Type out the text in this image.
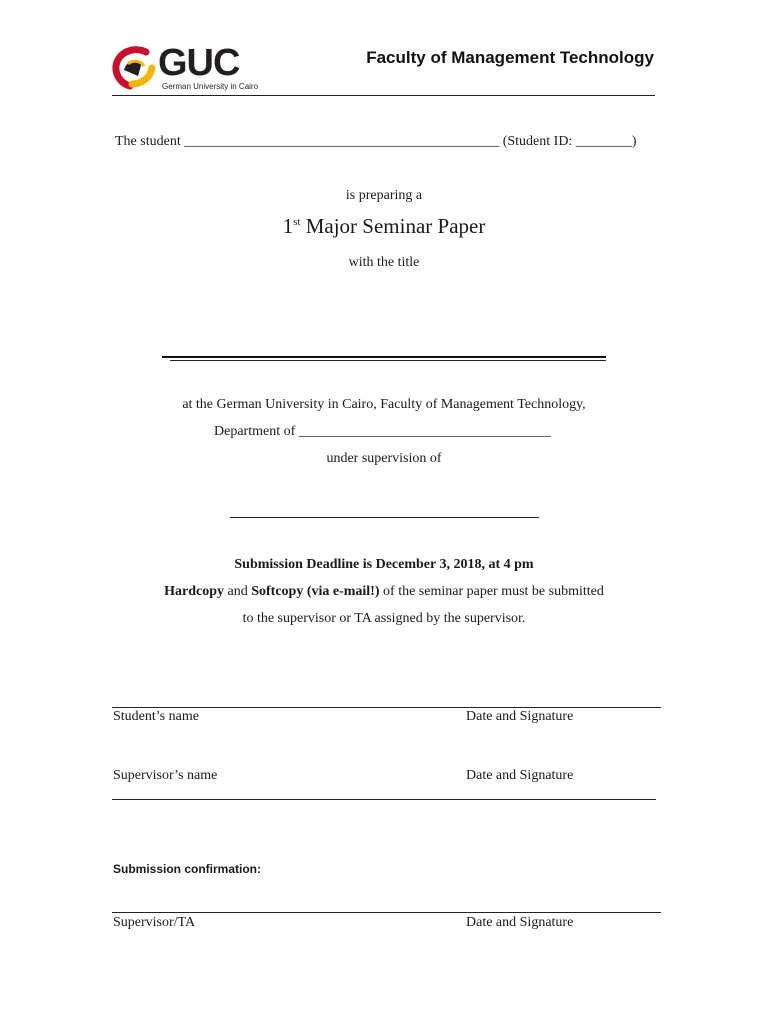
GUC
German University in Cairo
Faculty of Management Technology
The student _____________________________________________ (Student ID: ________)
is preparing a
1st Major Seminar Paper
with the title
at the German University in Cairo, Faculty of Management Technology,
Department of ____________________________________
under supervision of
Submission Deadline is December 3, 2018, at 4 pm
Hardcopy and Softcopy (via e-mail!) of the seminar paper must be submitted
to the supervisor or TA assigned by the supervisor.
Student’s name	Date and Signature
Supervisor’s name	Date and Signature
Submission confirmation:
Supervisor/TA	Date and Signature
